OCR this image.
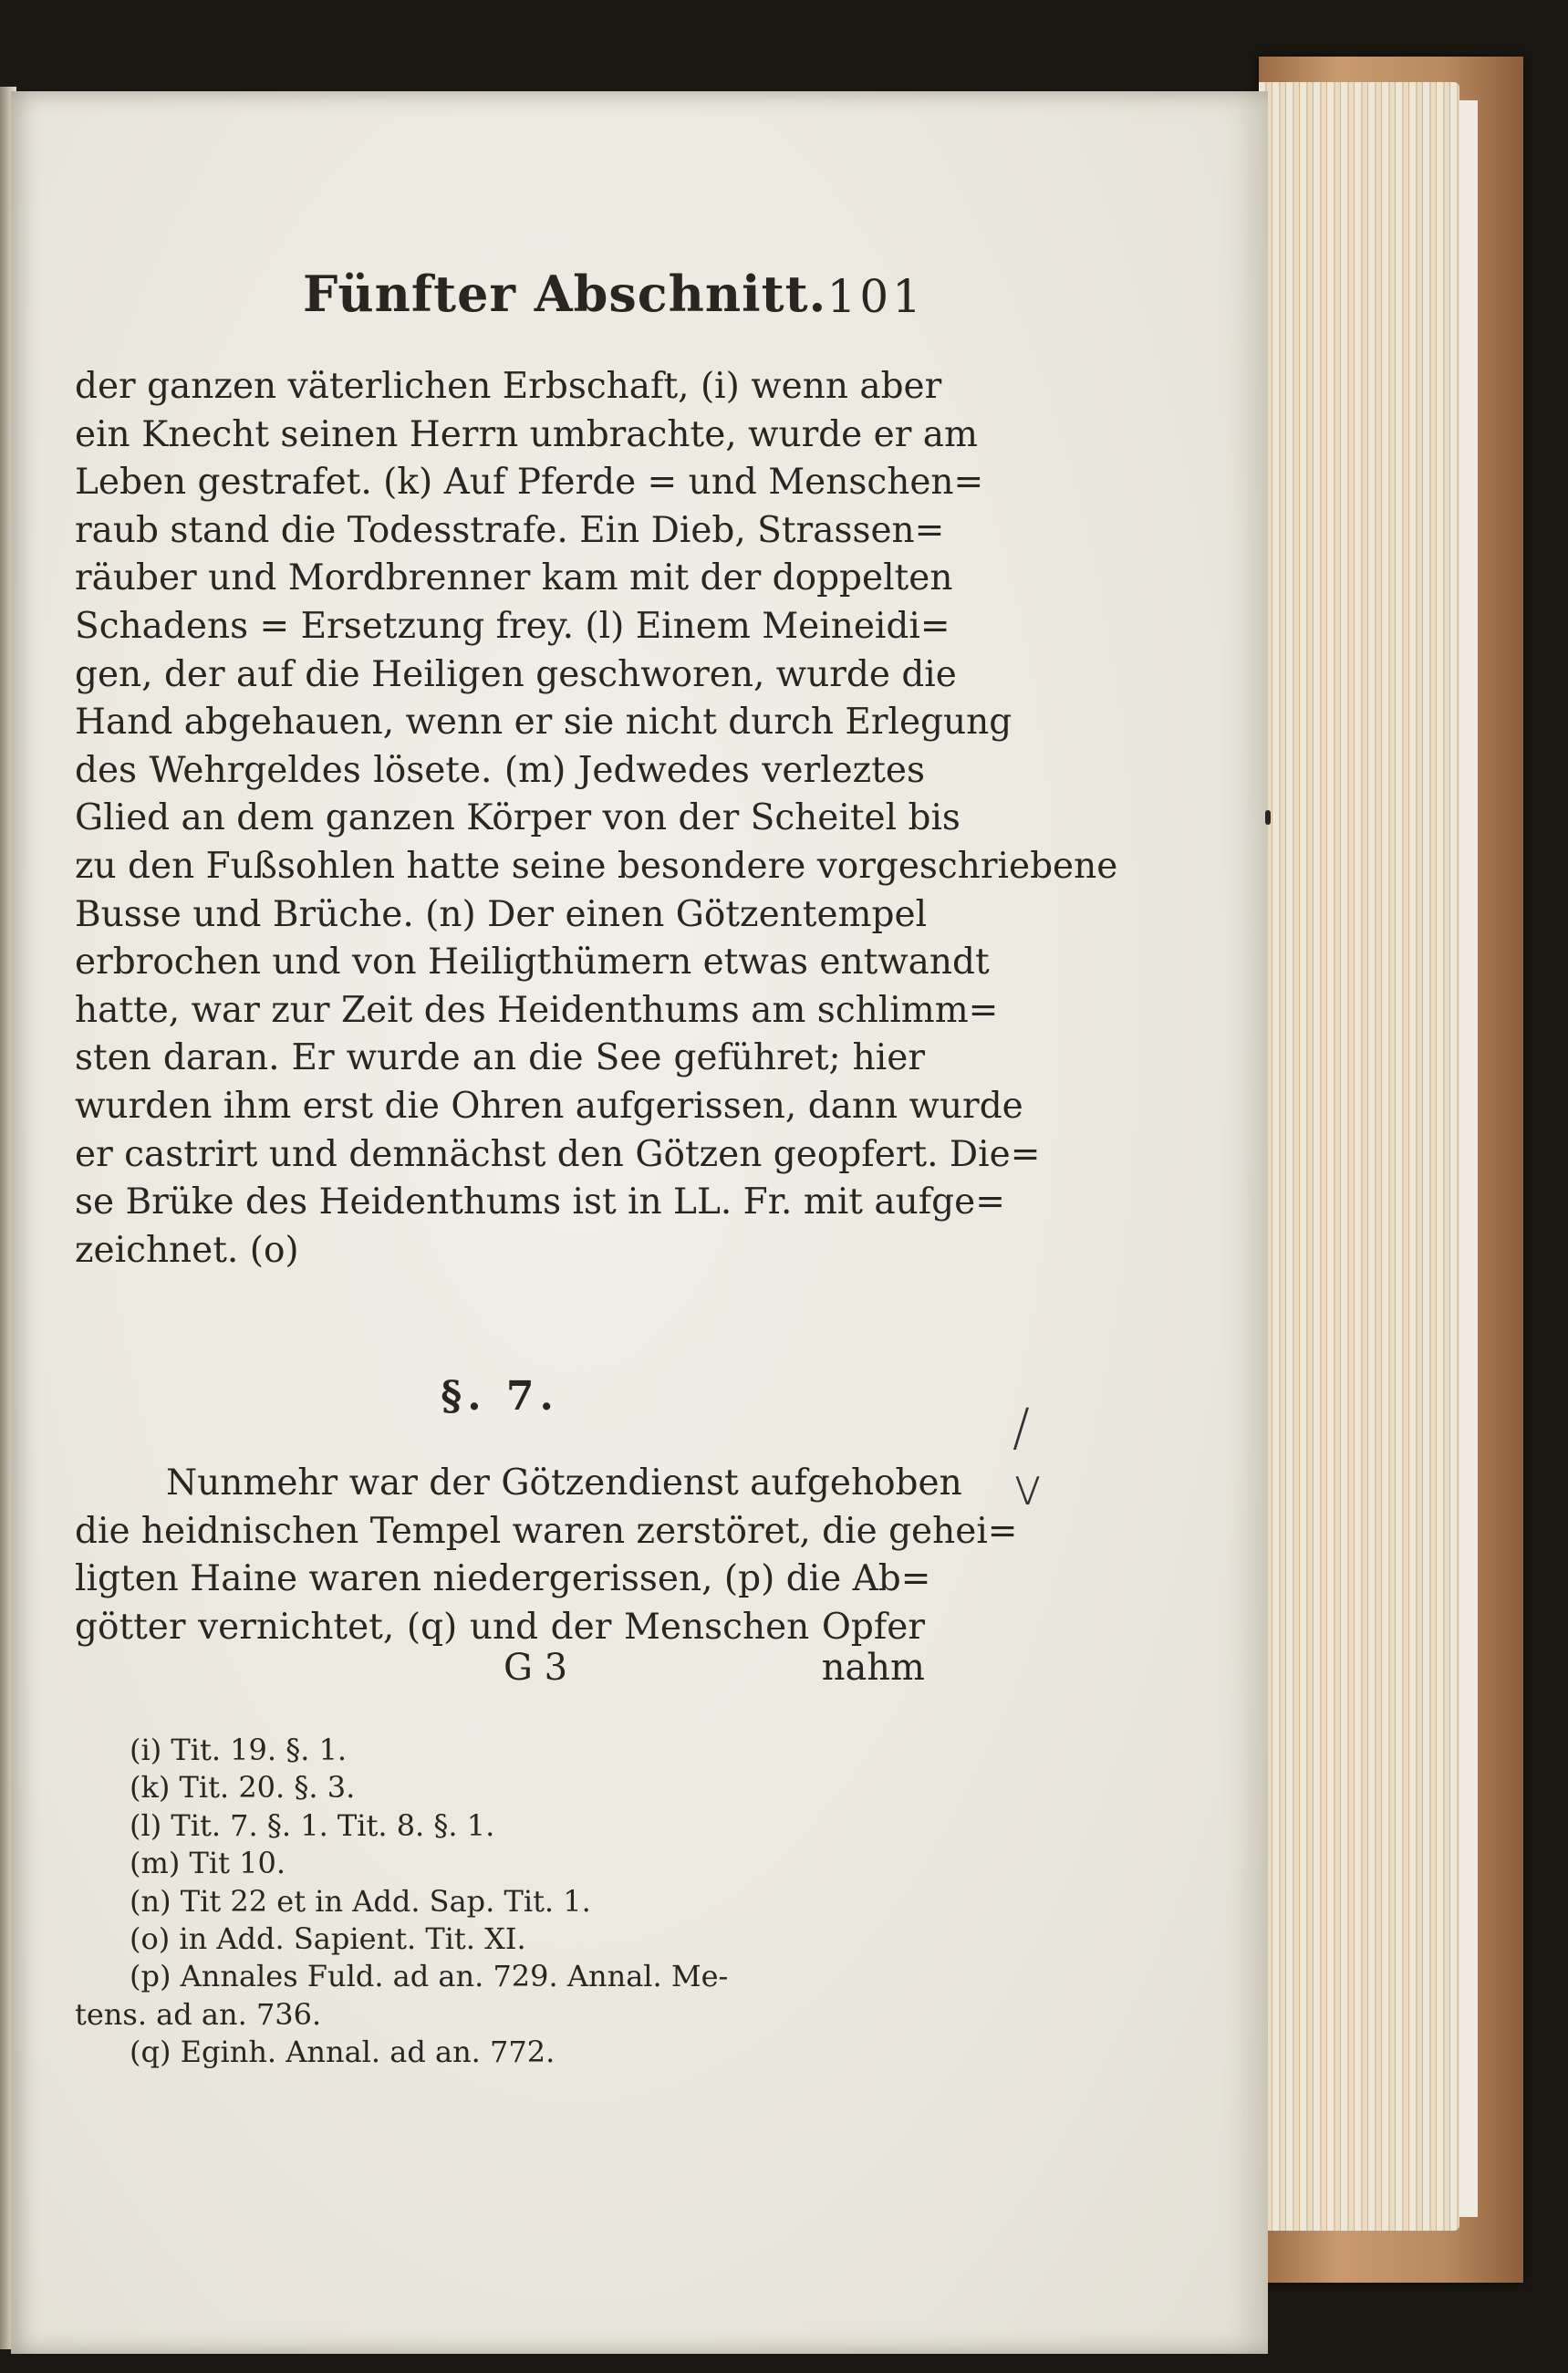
Fünfter Abschnitt. 101
der ganzen väterlichen Erbschaft, (i) wenn aber
ein Knecht seinen Herrn umbrachte, wurde er am
Leben gestrafet. (k) Auf Pferde = und Menschen=
raub stand die Todesstrafe. Ein Dieb, Strassen=
räuber und Mordbrenner kam mit der doppelten
Schadens = Ersetzung frey. (l) Einem Meineidi=
gen, der auf die Heiligen geschworen, wurde die
Hand abgehauen, wenn er sie nicht durch Erlegung
des Wehrgeldes lösete. (m) Jedwedes verleztes
Glied an dem ganzen Körper von der Scheitel bis
zu den Fußsohlen hatte seine besondere vorgeschriebene
Busse und Brüche. (n) Der einen Götzentempel
erbrochen und von Heiligthümern etwas entwandt
hatte, war zur Zeit des Heidenthums am schlimm=
sten daran. Er wurde an die See geführet; hier
wurden ihm erst die Ohren aufgerissen, dann wurde
er castrirt und demnächst den Götzen geopfert. Die=
se Brüke des Heidenthums ist in LL. Fr. mit aufge=
zeichnet. (o)
§. 7.
Nunmehr war der Götzendienst aufgehoben
die heidnischen Tempel waren zerstöret, die gehei=
ligten Haine waren niedergerissen, (p) die Ab=
götter vernichtet, (q) und der Menschen Opfer
G 3	nahm
(i) Tit. 19. §. 1.
(k) Tit. 20. §. 3.
(l) Tit. 7. §. 1. Tit. 8. §. 1.
(m) Tit 10.
(n) Tit 22 et in Add. Sap. Tit. 1.
(o) in Add. Sapient. Tit. XI.
(p) Annales Fuld. ad an. 729. Annal. Me-
tens. ad an. 736.
(q) Eginh. Annal. ad an. 772.
/ v
